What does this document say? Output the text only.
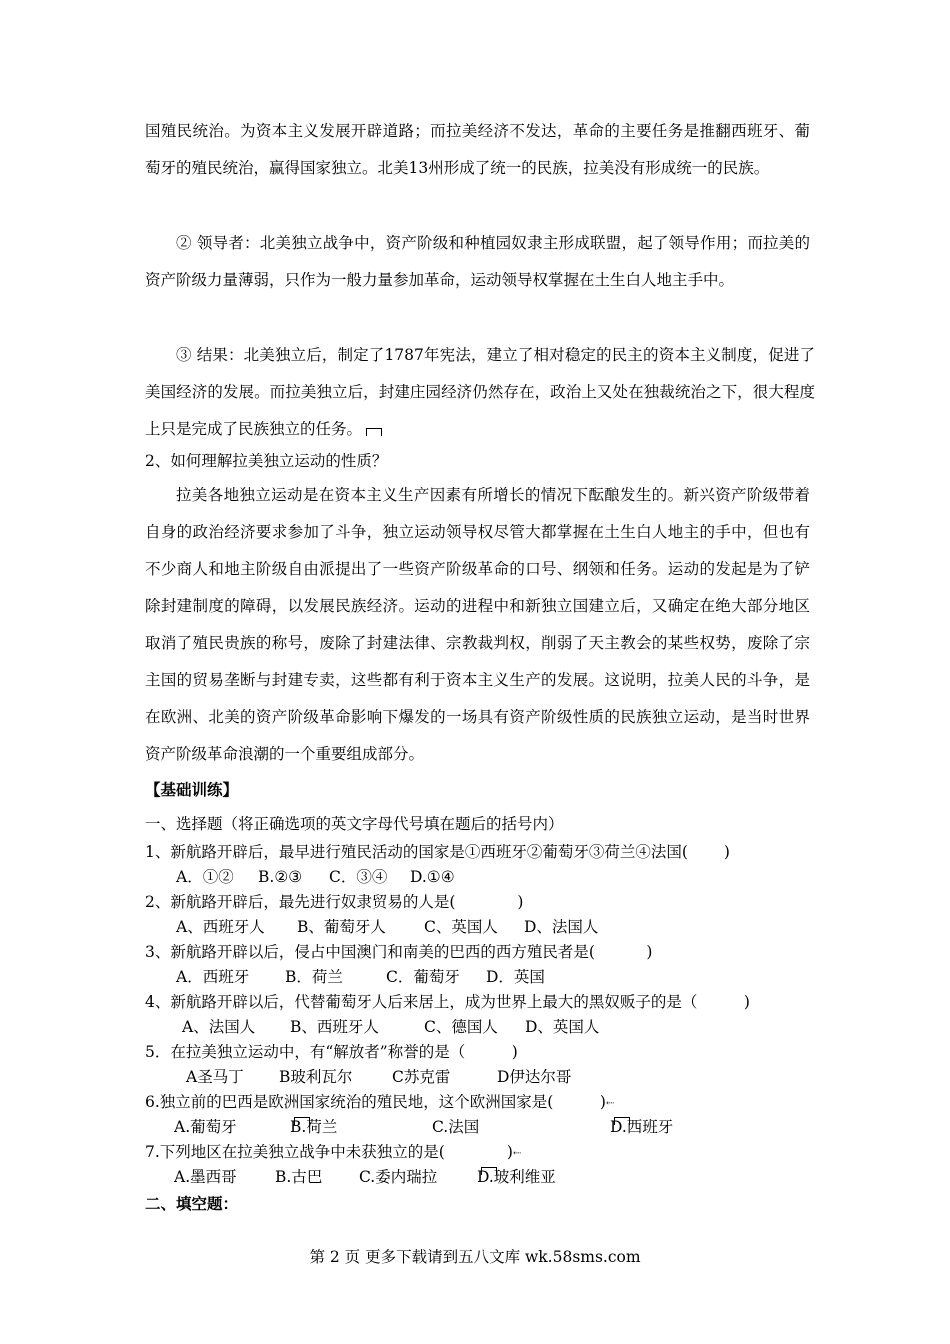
国殖民统治。为资本主义发展开辟道路；而拉美经济不发达，革命的主要任务是推翻西班牙、葡萄牙的殖民统治，赢得国家独立。北美13州形成了统一的民族，拉美没有形成统一的民族。
② 领导者：北美独立战争中，资产阶级和种植园奴隶主形成联盟，起了领导作用；而拉美的资产阶级力量薄弱，只作为一般力量参加革命，运动领导权掌握在土生白人地主手中。
③ 结果：北美独立后，制定了1787年宪法，建立了相对稳定的民主的资本主义制度，促进了美国经济的发展。而拉美独立后，封建庄园经济仍然存在，政治上又处在独裁统治之下，很大程度上只是完成了民族独立的任务。
2、如何理解拉美独立运动的性质？
拉美各地独立运动是在资本主义生产因素有所增长的情况下酝酿发生的。新兴资产阶级带着自身的政治经济要求参加了斗争，独立运动领导权尽管大都掌握在土生白人地主的手中，但也有不少商人和地主阶级自由派提出了一些资产阶级革命的口号、纲领和任务。运动的发起是为了铲除封建制度的障碍，以发展民族经济。运动的进程中和新独立国建立后，又确定在绝大部分地区取消了殖民贵族的称号，废除了封建法律、宗教裁判权，削弱了天主教会的某些权势，废除了宗主国的贸易垄断与封建专卖，这些都有利于资本主义生产的发展。这说明，拉美人民的斗争，是在欧洲、北美的资产阶级革命影响下爆发的一场具有资产阶级性质的民族独立运动，是当时世界资产阶级革命浪潮的一个重要组成部分。
【基础训练】
一、选择题（将正确选项的英文字母代号填在题后的括号内）
1、新航路开辟后，最早进行殖民活动的国家是①西班牙②葡萄牙③荷兰④法国(　　 )
A．①② B.②③ C．③④ D.①④
2、新航路开辟后，最先进行奴隶贸易的人是(　　　　)
A、西班牙人 B、葡萄牙人 C、英国人 D、法国人
3、新航路开辟以后，侵占中国澳门和南美的巴西的西方殖民者是(　　　 )
A．西班牙 B．荷兰	C．葡萄牙 D．英国
4、新航路开辟以后，代替葡萄牙人后来居上，成为世界上最大的黑奴贩子的是（　　　)
A、法国人 B、西班牙人	C、德国人 D、英国人
5．在拉美独立运动中，有“解放者”称誉的是（　　　)
A圣马丁 B玻利瓦尔	C苏克雷	D伊达尔哥
6.独立前的巴西是欧洲国家统治的殖民地，这个欧洲国家是(　　　)⇠
A.葡萄牙	B.荷兰	C.法国	D.西班牙
7.下列地区在拉美独立战争中未获独立的是(　　　　)⇠
A.墨西哥 B.古巴 C.委内瑞拉	D.玻利维亚
二、填空题：
第 2 页 更多下载请到五八文库 wk.58sms.com
